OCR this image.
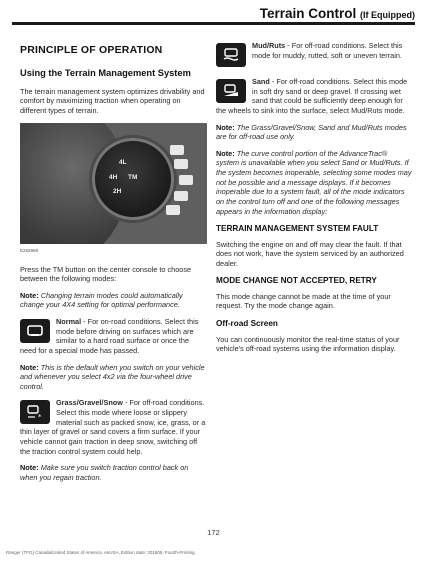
Terrain Control (If Equipped)
PRINCIPLE OF OPERATION
Using the Terrain Management System

The terrain management system optimizes drivability and comfort by maximizing traction when operating on different types of terrain.

4L
4H TM
2H
E282969

Press the TM button on the center console to choose between the following modes:

Note: Changing terrain modes could automatically change your 4X4 setting for optimal performance.

Normal - For on-road conditions. Select this mode before driving on surfaces which are similar to a hard road surface or once the need for a special mode has passed.

Note: This is the default when you switch on your vehicle and whenever you select 4x2 via the four-wheel drive control.

*

Grass/Gravel/Snow - For off-road conditions. Select this mode where loose or slippery material such as packed snow, ice, grass, or a thin layer of gravel or sand covers a firm surface. If your vehicle cannot gain traction in deep snow, switching off the traction control system could help.

Note: Make sure you switch traction control back on when you regain traction.

Mud/Ruts - For off-road conditions. Select this mode for muddy, rutted, soft or uneven terrain.

Sand - For off-road conditions. Select this mode in soft dry sand or deep gravel. If crossing wet sand that could be sufficiently deep enough for the wheels to sink into the surface, select Mud/Ruts mode.

Note: The Grass/Gravel/Snow, Sand and Mud/Ruts modes are for off-road use only.

Note: The curve control portion of the AdvanceTrac® system is unavailable when you select Sand or Mud/Ruts. If the system becomes inoperable, selecting some modes may not be possible and a message displays. If it becomes inoperable due to a system fault, all of the mode indicators on the control turn off and one of the following messages appears in the information display:

TERRAIN MANAGEMENT SYSTEM FAULT

Switching the engine on and off may clear the fault. If that does not work, have the system serviced by an authorized dealer.

MODE CHANGE NOT ACCEPTED, RETRY

This mode change cannot be made at the time of your request. Try the mode change again.

Off-road Screen

You can continuously monitor the real-time status of your vehicle's off-road systems using the information display.

172
Ranger (TFG) Canada/United States of America, enUSA, Edition date: 201809, Fourth-Printing
